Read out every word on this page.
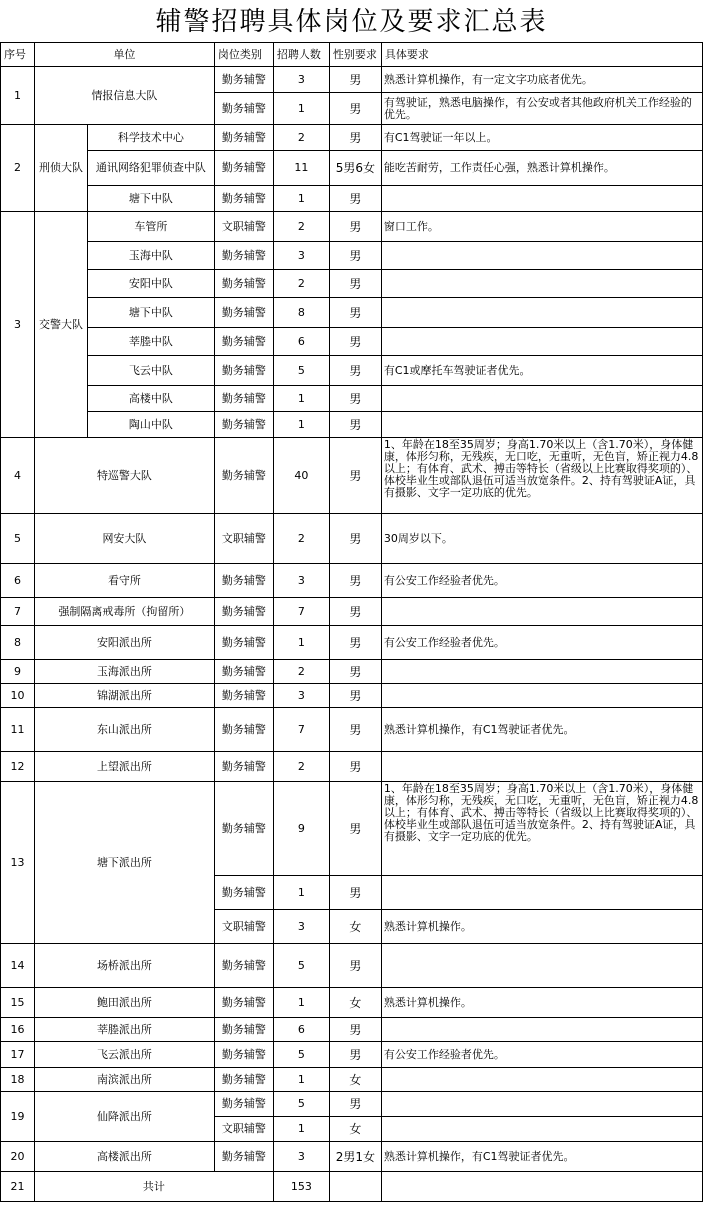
辅警招聘具体岗位及要求汇总表
序号	单位		岗位类别	招聘人数	性别要求	具体要求
1	情报信息大队		勤务辅警	3	男	熟悉计算机操作，有一定文字功底者优先。
			勤务辅警	1	男	有驾驶证，熟悉电脑操作，有公安或者其他政府机关工作经验的优先。
2	刑侦大队	科学技术中心	勤务辅警	2	男	有C1驾驶证一年以上。
		通讯网络犯罪侦查中队	勤务辅警	11	5男6女	能吃苦耐劳，工作责任心强，熟悉计算机操作。
		塘下中队	勤务辅警	1	男	
3	交警大队	车管所	文职辅警	2	男	窗口工作。
		玉海中队	勤务辅警	3	男	
		安阳中队	勤务辅警	2	男	
		塘下中队	勤务辅警	8	男	
		莘塍中队	勤务辅警	6	男	
		飞云中队	勤务辅警	5	男	有C1或摩托车驾驶证者优先。
		高楼中队	勤务辅警	1	男	
		陶山中队	勤务辅警	1	男	
4	特巡警大队		勤务辅警	40	男	1、年龄在18至35周岁；身高1.70米以上（含1.70米），身体健康，体形匀称，无残疾，无口吃，无重听，无色盲，矫正视力4.8以上；有体育、武术、搏击等特长（省级以上比赛取得奖项的）、体校毕业生或部队退伍可适当放宽条件。2、持有驾驶证A证，具有摄影、文字一定功底的优先。
5	网安大队		文职辅警	2	男	30周岁以下。
6	看守所		勤务辅警	3	男	有公安工作经验者优先。
7	强制隔离戒毒所（拘留所）		勤务辅警	7	男	
8	安阳派出所		勤务辅警	1	男	有公安工作经验者优先。
9	玉海派出所		勤务辅警	2	男	
10	锦湖派出所		勤务辅警	3	男	
11	东山派出所		勤务辅警	7	男	熟悉计算机操作，有C1驾驶证者优先。
12	上望派出所		勤务辅警	2	男	
13	塘下派出所		勤务辅警	9	男	1、年龄在18至35周岁；身高1.70米以上（含1.70米），身体健康，体形匀称，无残疾，无口吃，无重听，无色盲，矫正视力4.8以上；有体育、武术、搏击等特长（省级以上比赛取得奖项的）、体校毕业生或部队退伍可适当放宽条件。2、持有驾驶证A证，具有摄影、文字一定功底的优先。
			勤务辅警	1	男	
			文职辅警	3	女	熟悉计算机操作。
14	场桥派出所		勤务辅警	5	男	
15	鲍田派出所		勤务辅警	1	女	熟悉计算机操作。
16	莘塍派出所		勤务辅警	6	男	
17	飞云派出所		勤务辅警	5	男	有公安工作经验者优先。
18	南滨派出所		勤务辅警	1	女	
19	仙降派出所		勤务辅警	5	男	
			文职辅警	1	女	
20	高楼派出所		勤务辅警	3	2男1女	熟悉计算机操作，有C1驾驶证者优先。
21	共计			153		
